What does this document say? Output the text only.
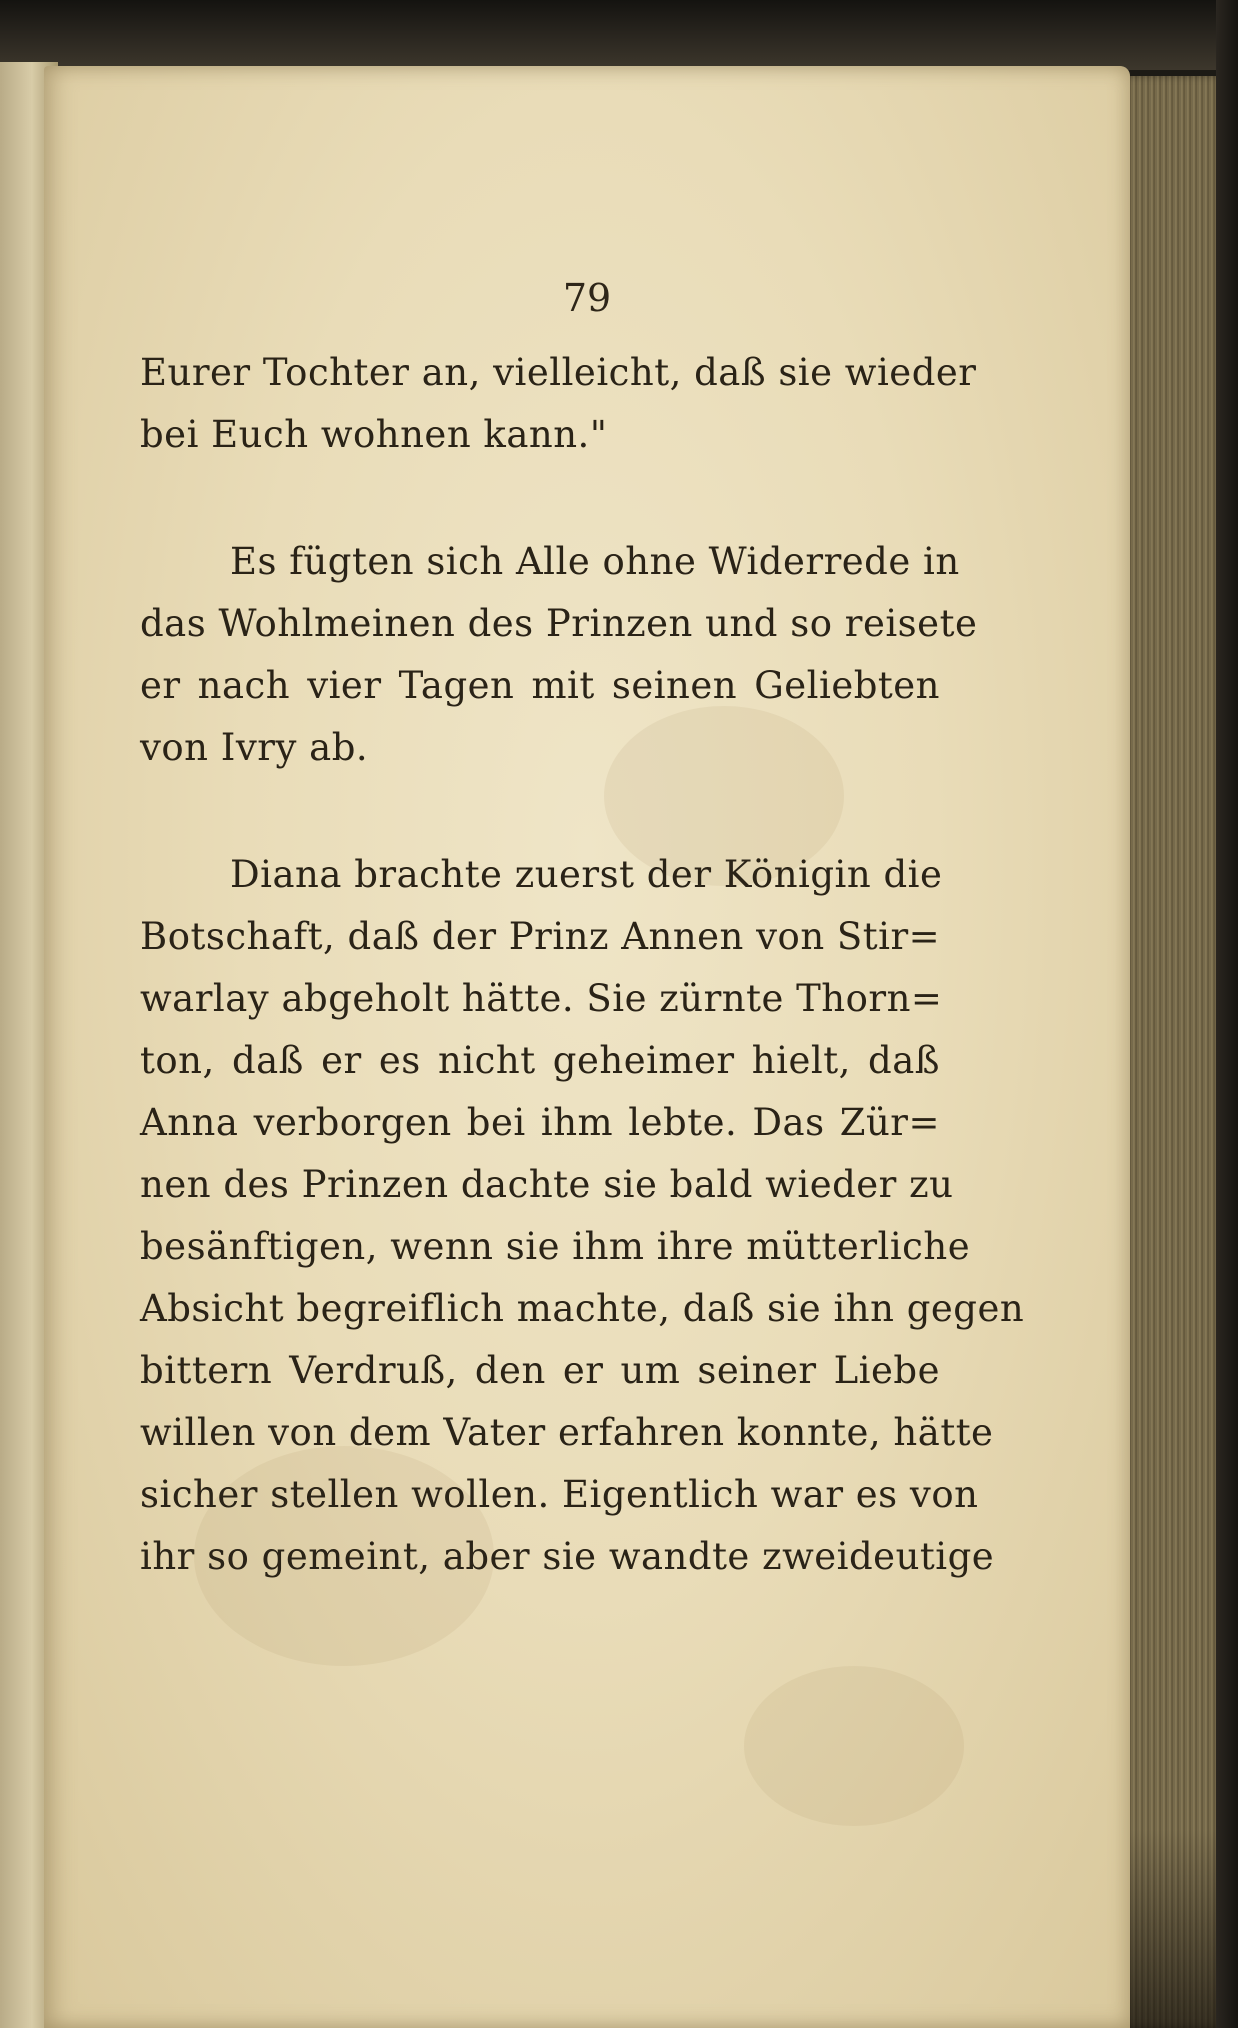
79
Eurer Tochter an, vielleicht, daß sie wieder
bei Euch wohnen kann."
Es fügten sich Alle ohne Widerrede in
das Wohlmeinen des Prinzen und so reisete
er nach vier Tagen mit seinen Geliebten
von Ivry ab.
Diana brachte zuerst der Königin die
Botschaft, daß der Prinz Annen von Stir=
warlay abgeholt hätte. Sie zürnte Thorn=
ton, daß er es nicht geheimer hielt, daß
Anna verborgen bei ihm lebte. Das Zür=
nen des Prinzen dachte sie bald wieder zu
besänftigen, wenn sie ihm ihre mütterliche
Absicht begreiflich machte, daß sie ihn gegen
bittern Verdruß, den er um seiner Liebe
willen von dem Vater erfahren konnte, hätte
sicher stellen wollen. Eigentlich war es von
ihr so gemeint, aber sie wandte zweideutige
